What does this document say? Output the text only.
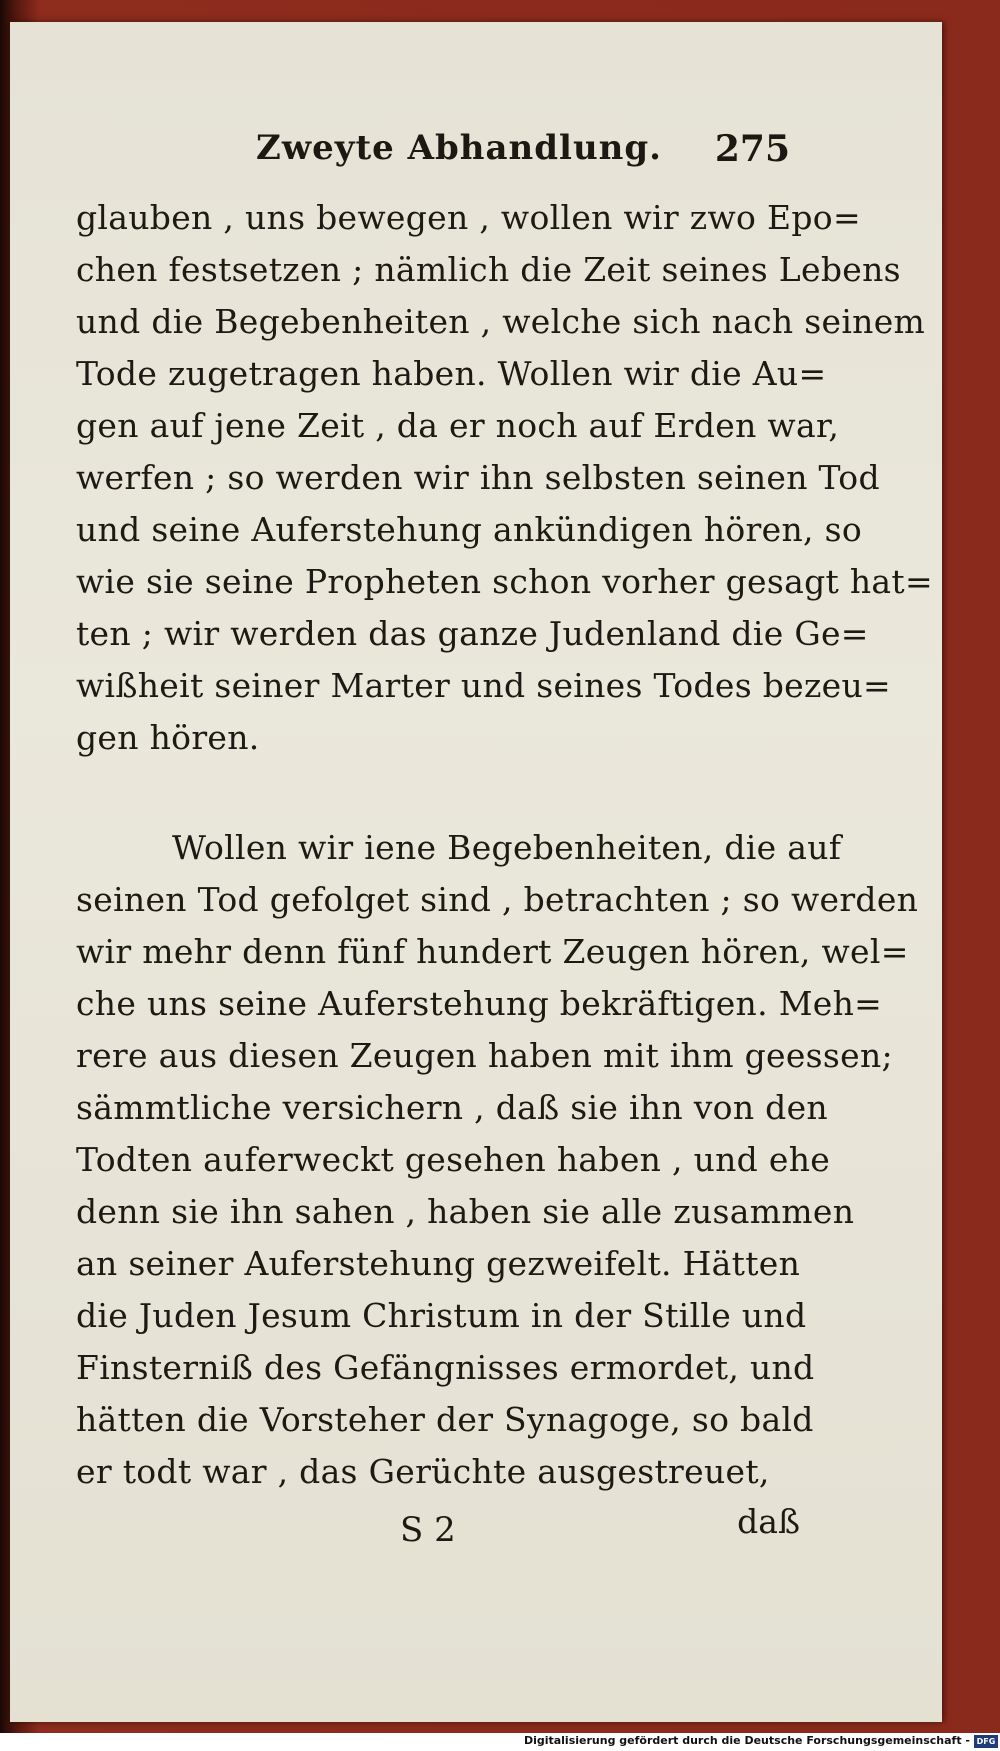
Zweyte Abhandlung. 275
glauben , uns bewegen , wollen wir zwo Epo=
chen festsetzen ; nämlich die Zeit seines Lebens
und die Begebenheiten , welche sich nach seinem
Tode zugetragen haben. Wollen wir die Au=
gen auf jene Zeit , da er noch auf Erden war,
werfen ; so werden wir ihn selbsten seinen Tod
und seine Auferstehung ankündigen hören, so
wie sie seine Propheten schon vorher gesagt hat=
ten ; wir werden das ganze Judenland die Ge=
wißheit seiner Marter und seines Todes bezeu=
gen hören.
Wollen wir iene Begebenheiten, die auf
seinen Tod gefolget sind , betrachten ; so werden
wir mehr denn fünf hundert Zeugen hören, wel=
che uns seine Auferstehung bekräftigen. Meh=
rere aus diesen Zeugen haben mit ihm geessen;
sämmtliche versichern , daß sie ihn von den
Todten auferweckt gesehen haben , und ehe
denn sie ihn sahen , haben sie alle zusammen
an seiner Auferstehung gezweifelt. Hätten
die Juden Jesum Christum in der Stille und
Finsterniß des Gefängnisses ermordet, und
hätten die Vorsteher der Synagoge, so bald
er todt war , das Gerüchte ausgestreuet,
S 2	daß
Digitalisierung gefördert durch die Deutsche Forschungsgemeinschaft - DFG
